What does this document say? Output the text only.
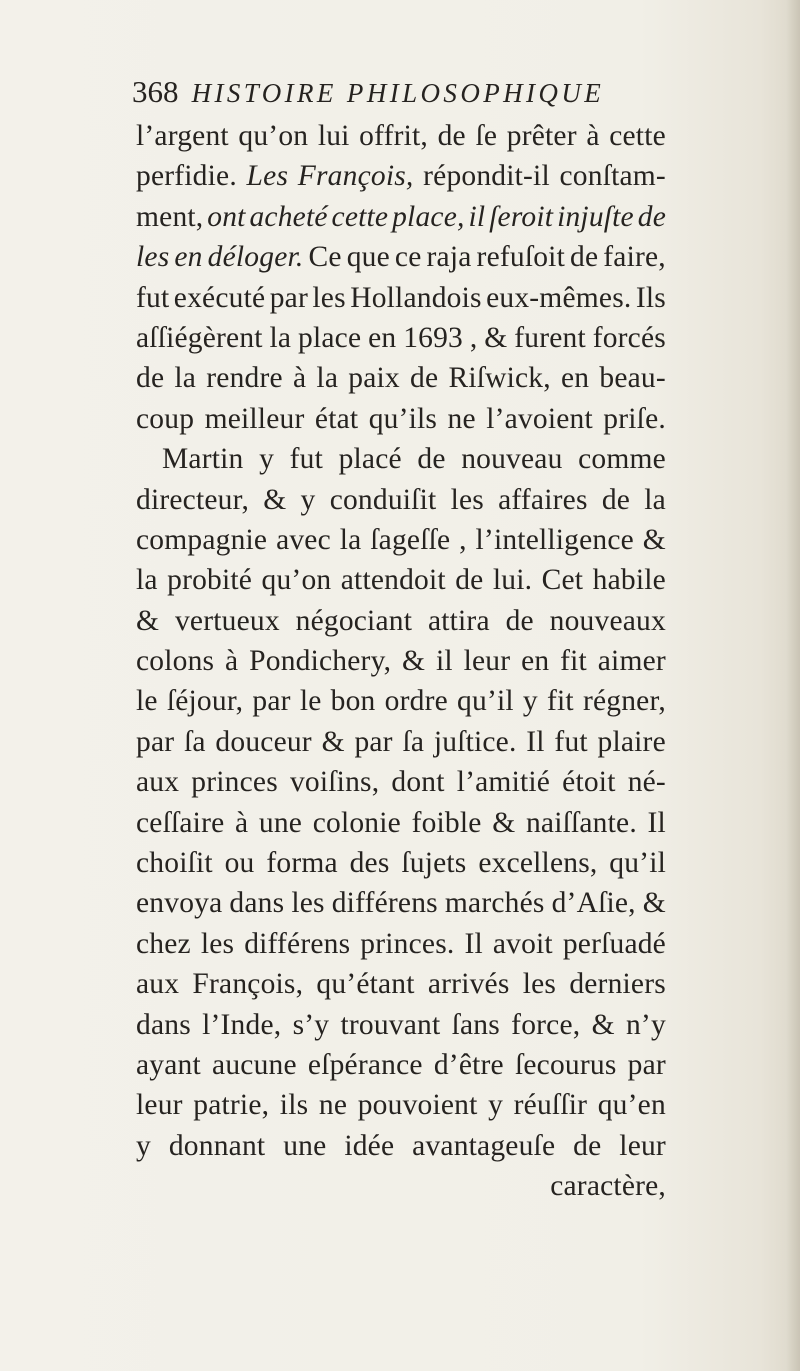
368 HISTOIRE PHILOSOPHIQUE
l’argent qu’on lui offrit, de ſe prêter à cette
perfidie. Les François, répondit-il conſtam-
ment, ont acheté cette place, il ſeroit injuſte de
les en déloger. Ce que ce raja refuſoit de faire,
fut exécuté par les Hollandois eux-mêmes. Ils
aſſiégèrent la place en 1693 , & furent forcés
de la rendre à la paix de Riſwick, en beau-
coup meilleur état qu’ils ne l’avoient priſe.
Martin y fut placé de nouveau comme
directeur, & y conduiſit les affaires de la
compagnie avec la ſageſſe , l’intelligence &
la probité qu’on attendoit de lui. Cet habile
& vertueux négociant attira de nouveaux
colons à Pondichery, & il leur en fit aimer
le ſéjour, par le bon ordre qu’il y fit régner,
par ſa douceur & par ſa juſtice. Il fut plaire
aux princes voiſins, dont l’amitié étoit né-
ceſſaire à une colonie foible & naiſſante. Il
choiſit ou forma des ſujets excellens, qu’il
envoya dans les différens marchés d’Aſie, &
chez les différens princes. Il avoit perſuadé
aux François, qu’étant arrivés les derniers
dans l’Inde, s’y trouvant ſans force, & n’y
ayant aucune eſpérance d’être ſecourus par
leur patrie, ils ne pouvoient y réuſſir qu’en
y donnant une idée avantageuſe de leur
caractère,
